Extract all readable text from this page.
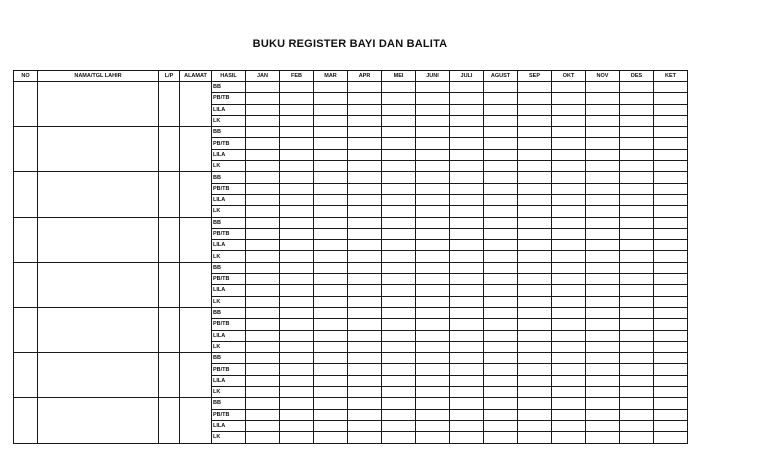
BUKU REGISTER BAYI DAN BALITA
NO	NAMA/TGL LAHIR	L/P	ALAMAT	HASIL	JAN	FEB	MAR	APR	MEI	JUNI	JULI	AGUST	SEP	OKT	NOV	DES	KET
				BB													
				PB/TB													
				LILA													
				LK													
				BB													
				PB/TB													
				LILA													
				LK													
				BB													
				PB/TB													
				LILA													
				LK													
				BB													
				PB/TB													
				LILA													
				LK													
				BB													
				PB/TB													
				LILA													
				LK													
				BB													
				PB/TB													
				LILA													
				LK													
				BB													
				PB/TB													
				LILA													
				LK													
				BB													
				PB/TB													
				LILA													
				LK													
